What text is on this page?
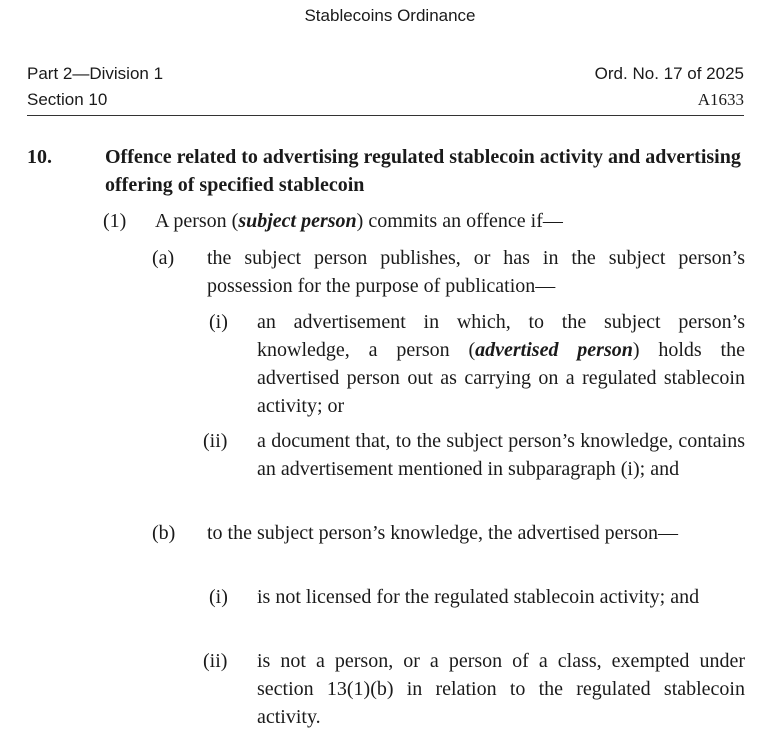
Stablecoins Ordinance
Part 2—Division 1
Section 10
Ord. No. 17 of 2025
A1633
10.	Offence related to advertising regulated stablecoin activity and advertising offering of specified stablecoin
(1) A person (subject person) commits an offence if—
(a) the subject person publishes, or has in the subject person’s possession for the purpose of publication—
(i) an advertisement in which, to the subject person’s knowledge, a person (advertised person) holds the advertised person out as carrying on a regulated stablecoin activity; or
(ii) a document that, to the subject person’s knowledge, contains an advertisement mentioned in subparagraph (i); and
(b) to the subject person’s knowledge, the advertised person—
(i) is not licensed for the regulated stablecoin activity; and
(ii) is not a person, or a person of a class, exempted under section 13(1)(b) in relation to the regulated stablecoin activity.
